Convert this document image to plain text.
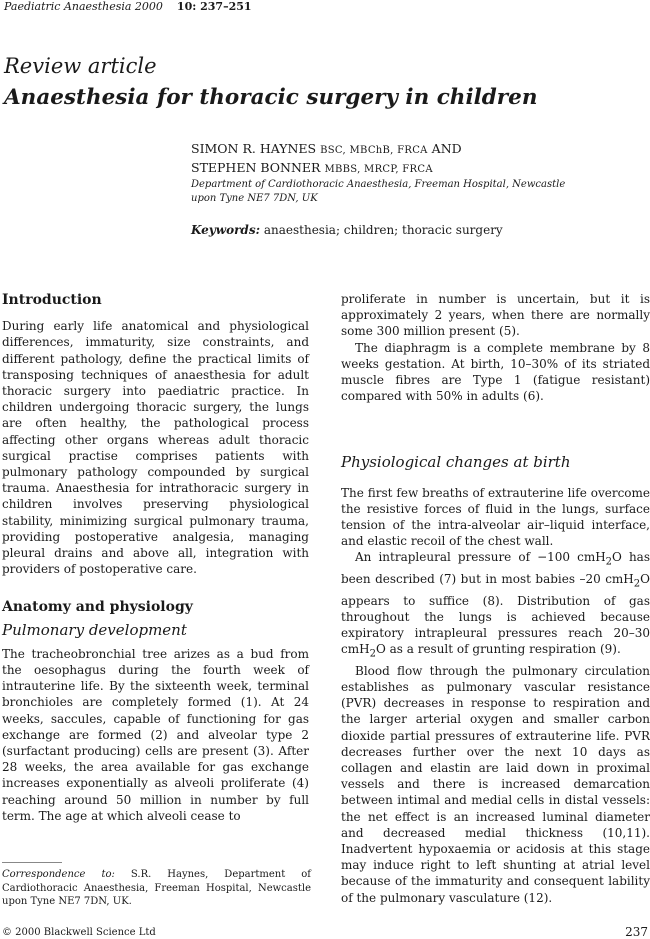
Paediatric Anaesthesia 2000 10: 237–251
Review article
Anaesthesia for thoracic surgery in children
SIMON R. HAYNES BSC, MBChB, FRCA AND
STEPHEN BONNER MBBS, MRCP, FRCA
Department of Cardiothoracic Anaesthesia, Freeman Hospital, Newcastle upon Tyne NE7 7DN, UK
Keywords: anaesthesia; children; thoracic surgery
Introduction

During early life anatomical and physiological differences, immaturity, size constraints, and different pathology, define the practical limits of transposing techniques of anaesthesia for adult thoracic surgery into paediatric practice. In children undergoing thoracic surgery, the lungs are often healthy, the pathological process affecting other organs whereas adult thoracic surgical practise comprises patients with pulmonary pathology compounded by surgical trauma. Anaesthesia for intrathoracic surgery in children involves preserving physiological stability, minimizing surgical pulmonary trauma, providing postoperative analgesia, managing pleural drains and above all, integration with providers of postoperative care.

Anatomy and physiology
Pulmonary development

The tracheobronchial tree arizes as a bud from the oesophagus during the fourth week of intrauterine life. By the sixteenth week, terminal bronchioles are completely formed (1). At 24 weeks, saccules, capable of functioning for gas exchange are formed (2) and alveolar type 2 (surfactant producing) cells are present (3). After 28 weeks, the area available for gas exchange increases exponentially as alveoli proliferate (4) reaching around 50 million in number by full term. The age at which alveoli cease to

proliferate in number is uncertain, but it is approximately 2 years, when there are normally some 300 million present (5).

The diaphragm is a complete membrane by 8 weeks gestation. At birth, 10–30% of its striated muscle fibres are Type 1 (fatigue resistant) compared with 50% in adults (6).

Physiological changes at birth

The first few breaths of extrauterine life overcome the resistive forces of fluid in the lungs, surface tension of the intra-alveolar air–liquid interface, and elastic recoil of the chest wall.

An intrapleural pressure of −100 cmH$_2$O has been described (7) but in most babies –20 cmH$_2$O appears to suffice (8). Distribution of gas throughout the lungs is achieved because expiratory intrapleural pressures reach 20–30 cmH$_2$O as a result of grunting respiration (9).

Blood flow through the pulmonary circulation establishes as pulmonary vascular resistance (PVR) decreases in response to respiration and the larger arterial oxygen and smaller carbon dioxide partial pressures of extrauterine life. PVR decreases further over the next 10 days as collagen and elastin are laid down in proximal vessels and there is increased demarcation between intimal and medial cells in distal vessels: the net effect is an increased luminal diameter and decreased medial thickness (10,11). Inadvertent hypoxaemia or acidosis at this stage may induce right to left shunting at atrial level because of the immaturity and consequent lability of the pulmonary vasculature (12).

Correspondence to: S.R. Haynes, Department of Cardiothoracic Anaesthesia, Freeman Hospital, Newcastle upon Tyne NE7 7DN, UK.
© 2000 Blackwell Science Ltd	237
